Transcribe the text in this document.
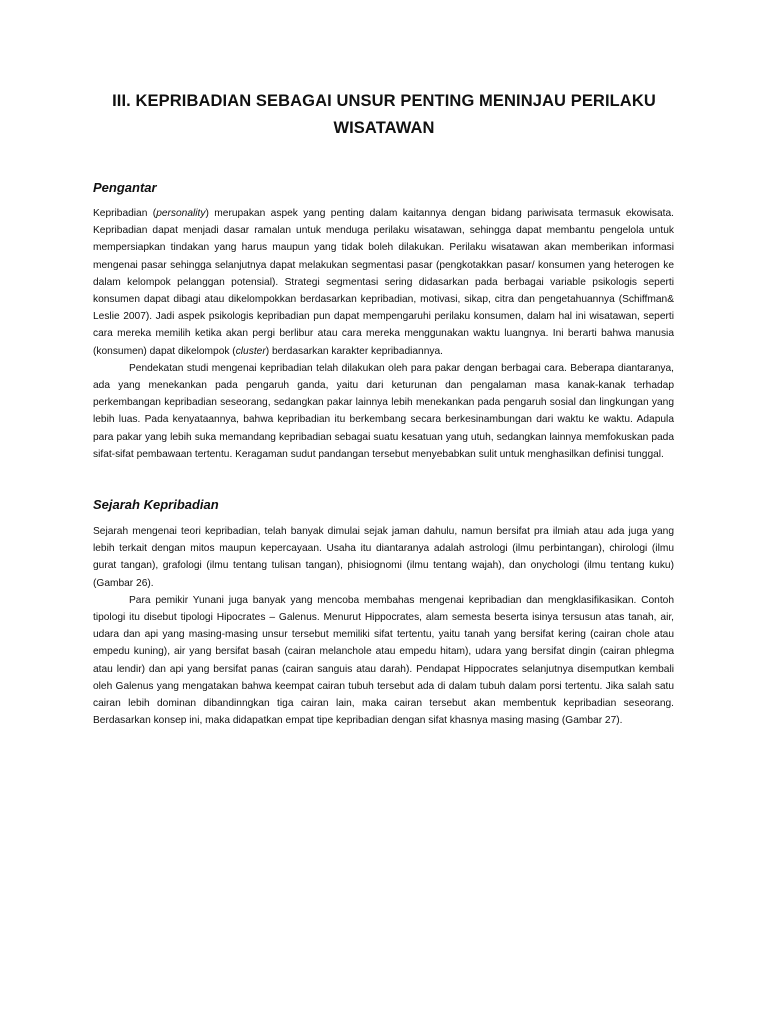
III. KEPRIBADIAN SEBAGAI UNSUR PENTING MENINJAU PERILAKU
WISATAWAN
Pengantar

Kepribadian (personality) merupakan aspek yang penting dalam kaitannya dengan bidang pariwisata termasuk ekowisata. Kepribadian dapat menjadi dasar ramalan untuk menduga perilaku wisatawan, sehingga dapat membantu pengelola untuk mempersiapkan tindakan yang harus maupun yang tidak boleh dilakukan. Perilaku wisatawan akan memberikan informasi mengenai pasar sehingga selanjutnya dapat melakukan segmentasi pasar (pengkotakkan pasar/ konsumen yang heterogen ke dalam kelompok pelanggan potensial). Strategi segmentasi sering didasarkan pada berbagai variable psikologis seperti konsumen dapat dibagi atau dikelompokkan berdasarkan kepribadian, motivasi, sikap, citra dan pengetahuannya (Schiffman& Leslie 2007). Jadi aspek psikologis kepribadian pun dapat mempengaruhi perilaku konsumen, dalam hal ini wisatawan, seperti cara mereka memilih ketika akan pergi berlibur atau cara mereka menggunakan waktu luangnya. Ini berarti bahwa manusia (konsumen) dapat dikelompok (cluster) berdasarkan karakter kepribadiannya.

Pendekatan studi mengenai kepribadian telah dilakukan oleh para pakar dengan berbagai cara. Beberapa diantaranya, ada yang menekankan pada pengaruh ganda, yaitu dari keturunan dan pengalaman masa kanak-kanak terhadap perkembangan kepribadian seseorang, sedangkan pakar lainnya lebih menekankan pada pengaruh sosial dan lingkungan yang lebih luas. Pada kenyataannya, bahwa kepribadian itu berkembang secara berkesinambungan dari waktu ke waktu. Adapula para pakar yang lebih suka memandang kepribadian sebagai suatu kesatuan yang utuh, sedangkan lainnya memfokuskan pada sifat-sifat pembawaan tertentu. Keragaman sudut pandangan tersebut menyebabkan sulit untuk menghasilkan definisi tunggal.

Sejarah Kepribadian

Sejarah mengenai teori kepribadian, telah banyak dimulai sejak jaman dahulu, namun bersifat pra ilmiah atau ada juga yang lebih terkait dengan mitos maupun kepercayaan. Usaha itu diantaranya adalah astrologi (ilmu perbintangan), chirologi (ilmu gurat tangan), grafologi (ilmu tentang tulisan tangan), phisiognomi (ilmu tentang wajah), dan onychologi (ilmu tentang kuku) (Gambar 26).

Para pemikir Yunani juga banyak yang mencoba membahas mengenai kepribadian dan mengklasifikasikan. Contoh tipologi itu disebut tipologi Hipocrates – Galenus. Menurut Hippocrates, alam semesta beserta isinya tersusun atas tanah, air, udara dan api yang masing-masing unsur tersebut memiliki sifat tertentu, yaitu tanah yang bersifat kering (cairan chole atau empedu kuning), air yang bersifat basah (cairan melanchole atau empedu hitam), udara yang bersifat dingin (cairan phlegma atau lendir) dan api yang bersifat panas (cairan sanguis atau darah). Pendapat Hippocrates selanjutnya disemputkan kembali oleh Galenus yang mengatakan bahwa keempat cairan tubuh tersebut ada di dalam tubuh dalam porsi tertentu. Jika salah satu cairan lebih dominan dibandinngkan tiga cairan lain, maka cairan tersebut akan membentuk kepribadian seseorang. Berdasarkan konsep ini, maka didapatkan empat tipe kepribadian dengan sifat khasnya masing masing (Gambar 27).
